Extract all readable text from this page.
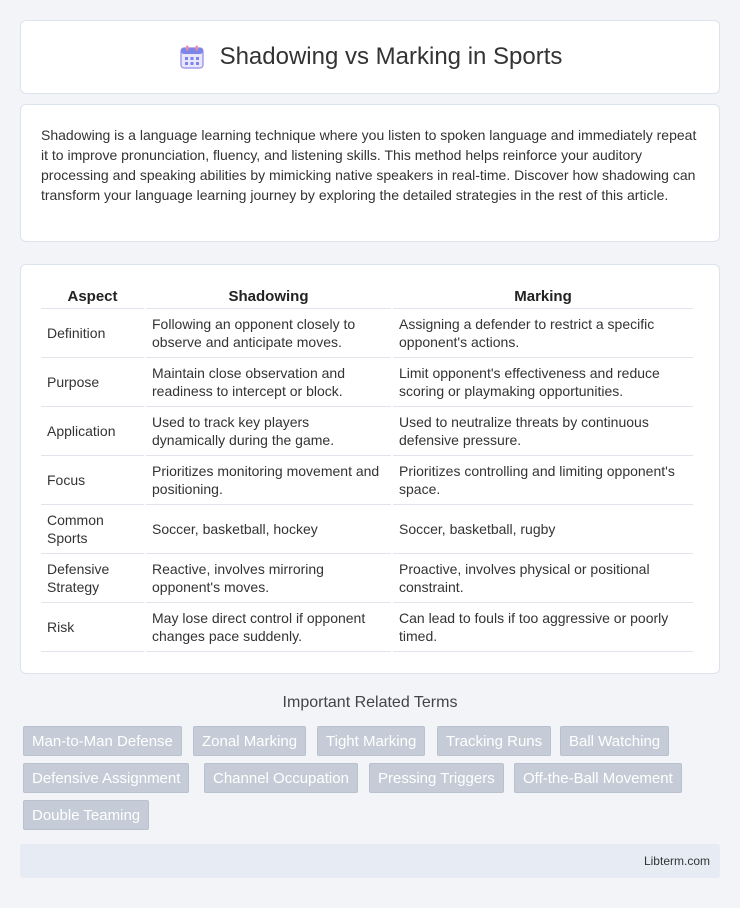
Shadowing vs Marking in Sports

Shadowing is a language learning technique where you listen to spoken language and immediately repeat it to improve pronunciation, fluency, and listening skills. This method helps reinforce your auditory processing and speaking abilities by mimicking native speakers in real-time. Discover how shadowing can transform your language learning journey by exploring the detailed strategies in the rest of this article.

Aspect	Shadowing	Marking
Definition	Following an opponent closely to observe and anticipate moves.	Assigning a defender to restrict a specific opponent's actions.
Purpose	Maintain close observation and readiness to intercept or block.	Limit opponent's effectiveness and reduce scoring or playmaking opportunities.
Application	Used to track key players dynamically during the game.	Used to neutralize threats by continuous defensive pressure.
Focus	Prioritizes monitoring movement and positioning.	Prioritizes controlling and limiting opponent's space.
Common Sports	Soccer, basketball, hockey	Soccer, basketball, rugby
Defensive Strategy	Reactive, involves mirroring opponent's moves.	Proactive, involves physical or positional constraint.
Risk	May lose direct control if opponent changes pace suddenly.	Can lead to fouls if too aggressive or poorly timed.
Important Related Terms
Man-to-Man Defense	Zonal Marking	Tight Marking	Tracking Runs	Ball Watching
Defensive Assignment	Channel Occupation	Pressing Triggers	Off-the-Ball Movement
Double Teaming
Libterm.com
